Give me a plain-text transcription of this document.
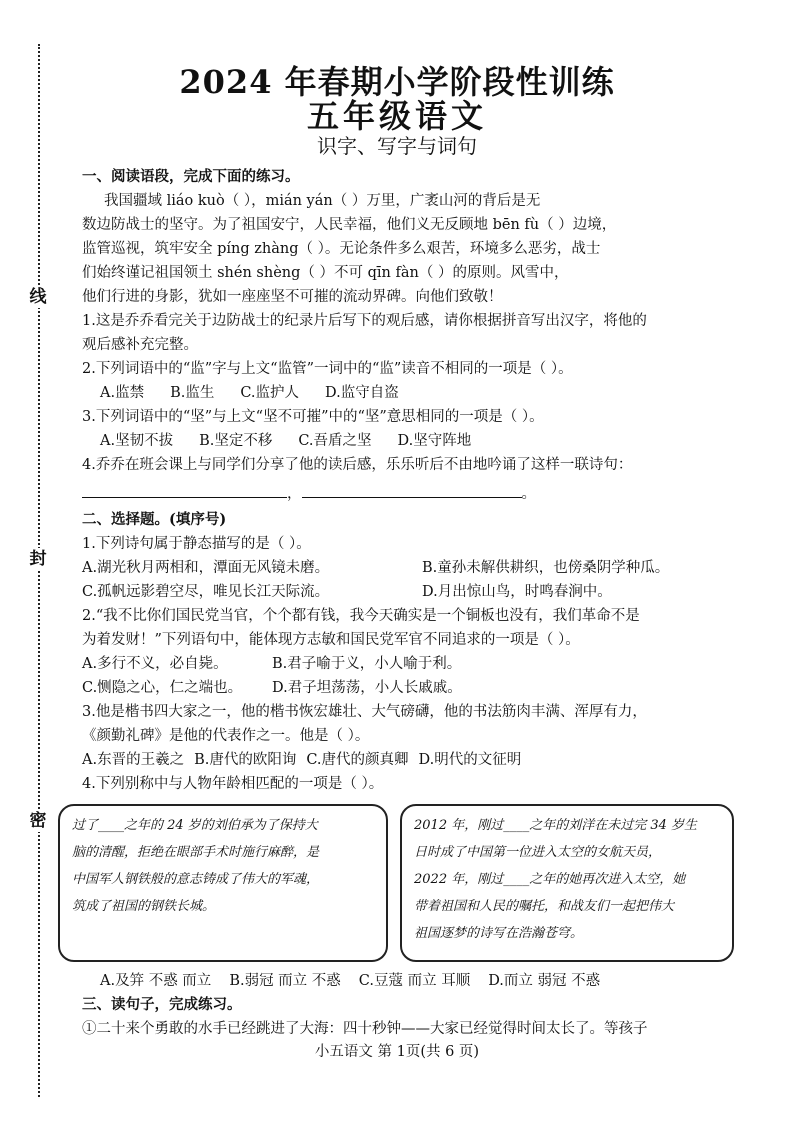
线
封
密
2024 年春期小学阶段性训练
五年级语文
识字、写字与词句
一、阅读语段，完成下面的练习。
我国疆域 liáo kuò（ ），mián yán（ ）万里，广袤山河的背后是无
数边防战士的坚守。为了祖国安宁，人民幸福，他们义无反顾地 bēn fù（ ）边境，
监管巡视，筑牢安全 píng zhàng（ ）。无论条件多么艰苦，环境多么恶劣，战士
们始终谨记祖国领土 shén shèng（ ）不可 qīn fàn（ ）的原则。风雪中，
他们行进的身影，犹如一座座坚不可摧的流动界碑。向他们致敬！
1.这是乔乔看完关于边防战士的纪录片后写下的观后感，请你根据拼音写出汉字，将他的
观后感补充完整。
2.下列词语中的“监”字与上文“监管”一词中的“监”读音不相同的一项是（ ）。
A.监禁 B.监生 C.监护人 D.监守自盗
3.下列词语中的“坚”与上文“坚不可摧”中的“坚”意思相同的一项是（ ）。
A.坚韧不拔 B.坚定不移 C.吾盾之坚 D.坚守阵地
4.乔乔在班会课上与同学们分享了他的读后感，乐乐听后不由地吟诵了这样一联诗句：
，	。
二、选择题。(填序号)
1.下列诗句属于静态描写的是（ ）。
A.湖光秋月两相和，潭面无风镜未磨。	B.童孙未解供耕织，也傍桑阴学种瓜。
C.孤帆远影碧空尽，唯见长江天际流。	D.月出惊山鸟，时鸣春涧中。
2.“我不比你们国民党当官，个个都有钱，我今天确实是一个铜板也没有，我们革命不是
为着发财！”下列语句中，能体现方志敏和国民党军官不同追求的一项是（ ）。
A.多行不义，必自毙。	B.君子喻于义，小人喻于利。
C.恻隐之心，仁之端也。	D.君子坦荡荡，小人长戚戚。
3.他是楷书四大家之一，他的楷书恢宏雄壮、大气磅礴，他的书法筋肉丰满、浑厚有力，
《颜勤礼碑》是他的代表作之一。他是（ ）。
A.东晋的王羲之 B.唐代的欧阳询 C.唐代的颜真卿 D.明代的文征明
4.下列别称中与人物年龄相匹配的一项是（ ）。
过了____之年的 24 岁的刘伯承为了保持大
脑的清醒，拒绝在眼部手术时施行麻醉，是
中国军人钢铁般的意志铸成了伟大的军魂，
筑成了祖国的钢铁长城。
2012 年，刚过____之年的刘洋在未过完 34 岁生
日时成了中国第一位进入太空的女航天员，
2022 年，刚过____之年的她再次进入太空，她
带着祖国和人民的嘱托，和战友们一起把伟大
祖国逐梦的诗写在浩瀚苍穹。
A.及笄 不惑 而立 B.弱冠 而立 不惑 C.豆蔻 而立 耳顺 D.而立 弱冠 不惑
三、读句子，完成练习。
①二十来个勇敢的水手已经跳进了大海：四十秒钟——大家已经觉得时间太长了。等孩子
小五语文 第 1页(共 6 页)
